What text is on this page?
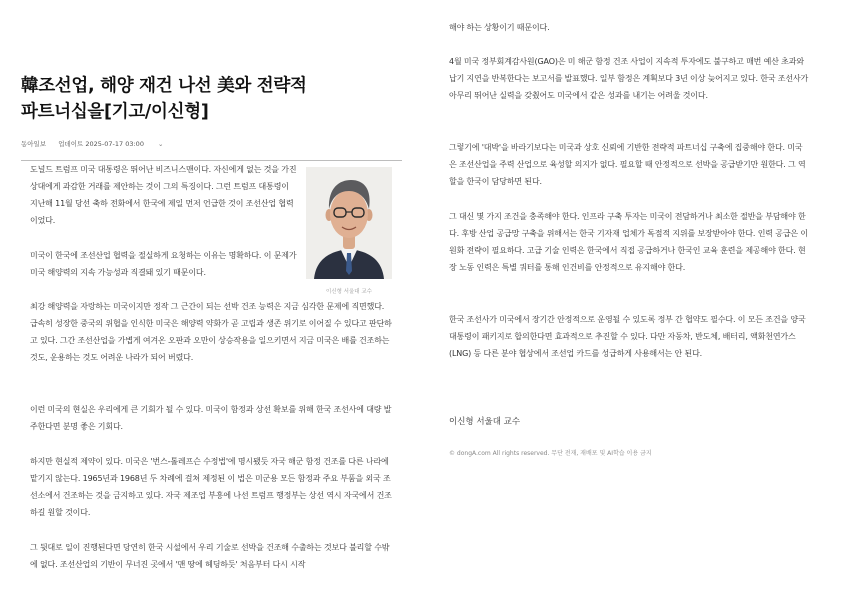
韓조선업, 해양 재건 나선 美와 전략적 파트너십을[기고/이신형]
동아일보 업데이트 2025-07-17 03:00 ⌄
이신형 서울대 교수
도널드 트럼프 미국 대통령은 뛰어난 비즈니스맨이다. 자신에게 없는 것을 가진 상대에게 과감한 거래를 제안하는 것이 그의 특징이다. 그런 트럼프 대통령이 지난해 11월 당선 축하 전화에서 한국에 제일 먼저 언급한 것이 조선산업 협력이었다.
미국이 한국에 조선산업 협력을 절실하게 요청하는 이유는 명확하다. 이 문제가 미국 해양력의 지속 가능성과 직결돼 있기 때문이다.
최강 해양력을 자랑하는 미국이지만 정작 그 근간이 되는 선박 건조 능력은 지금 심각한 문제에 직면했다. 급속히 성장한 중국의 위협을 인식한 미국은 해양력 약화가 곧 고립과 생존 위기로 이어질 수 있다고 판단하고 있다. 그간 조선산업을 가볍게 여겨온 오판과 오만이 상승작용을 일으키면서 지금 미국은 배를 건조하는 것도, 운용하는 것도 어려운 나라가 되어 버렸다.
이런 미국의 현실은 우리에게 큰 기회가 될 수 있다. 미국이 함정과 상선 확보를 위해 한국 조선사에 대량 발주한다면 분명 좋은 기회다.
하지만 현실적 제약이 있다. 미국은 '번스-톨레프슨 수정법'에 명시됐듯 자국 해군 함정 건조를 다른 나라에 맡기지 않는다. 1965년과 1968년 두 차례에 걸쳐 제정된 이 법은 미군용 모든 함정과 주요 부품을 외국 조선소에서 건조하는 것을 금지하고 있다. 자국 제조업 부흥에 나선 트럼프 행정부는 상선 역시 자국에서 건조하길 원할 것이다.
그 뒷대로 일이 진행된다면 당연히 한국 시설에서 우리 기술로 선박을 건조해 수출하는 것보다 불리할 수밖에 없다. 조선산업의 기반이 무너진 곳에서 '맨 땅에 헤딩하듯' 처음부터 다시 시작
해야 하는 상황이기 때문이다.
4월 미국 정부회계감사원(GAO)은 미 해군 함정 건조 사업이 지속적 투자에도 불구하고 매번 예산 초과와 납기 지연을 반복한다는 보고서를 발표했다. 일부 함정은 계획보다 3년 이상 늦어지고 있다. 한국 조선사가 아무리 뛰어난 실력을 갖췄어도 미국에서 같은 성과를 내기는 어려울 것이다.
그렇기에 '대박'을 바라기보다는 미국과 상호 신뢰에 기반한 전략적 파트너십 구축에 집중해야 한다. 미국은 조선산업을 주력 산업으로 육성할 의지가 없다. 필요할 때 안정적으로 선박을 공급받기만 원한다. 그 역할을 한국이 담당하면 된다.
그 대신 몇 가지 조건을 충족해야 한다. 인프라 구축 투자는 미국이 전담하거나 최소한 절반을 부담해야 한다. 후방 산업 공급망 구축을 위해서는 한국 기자재 업체가 독점적 지위를 보장받아야 한다. 인력 공급은 이원화 전략이 필요하다. 고급 기술 인력은 한국에서 직접 공급하거나 한국인 교육 훈련을 제공해야 한다. 현장 노동 인력은 특별 쿼터를 통해 인건비를 안정적으로 유지해야 한다.
한국 조선사가 미국에서 장기간 안정적으로 운영될 수 있도록 정부 간 협약도 필수다. 이 모든 조건을 양국 대통령이 패키지로 합의한다면 효과적으로 추진할 수 있다. 다만 자동차, 반도체, 배터리, 액화천연가스(LNG) 등 다른 분야 협상에서 조선업 카드를 성급하게 사용해서는 안 된다.
이신형 서울대 교수
© dongA.com All rights reserved. 무단 전재, 재배포 및 AI학습 이용 금지
